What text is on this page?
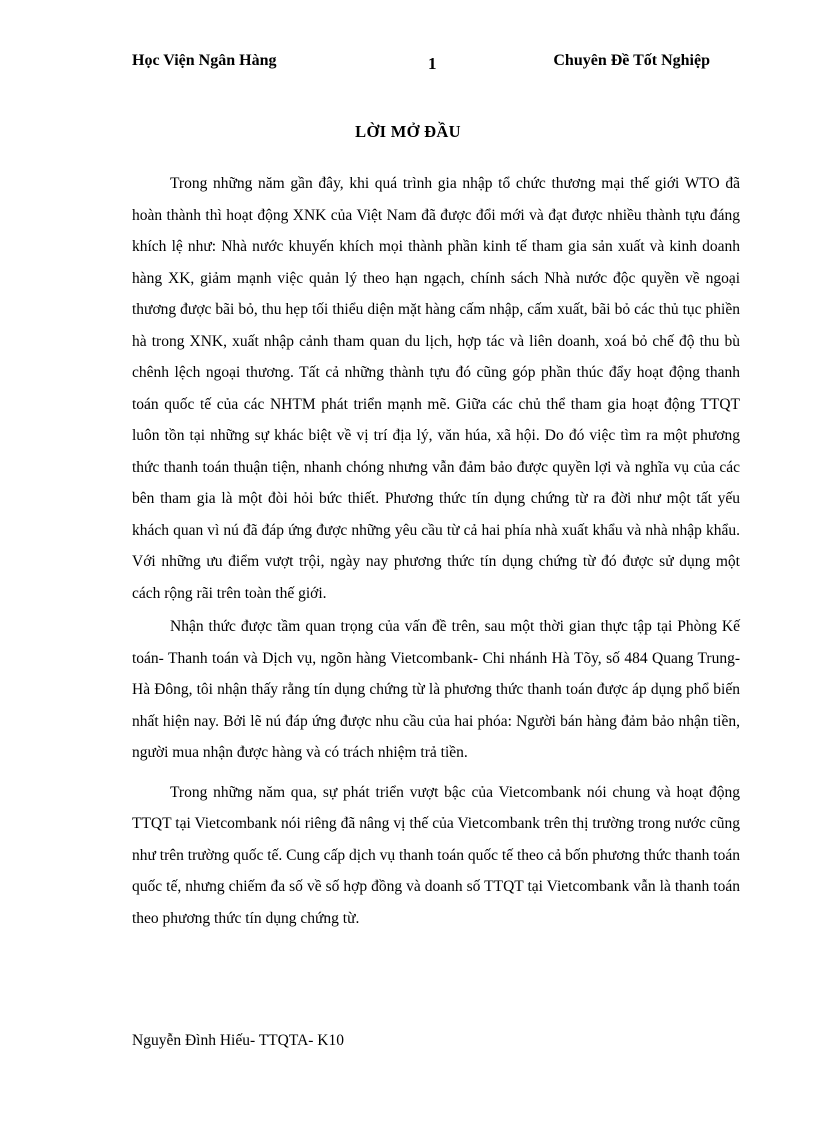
Học Viện Ngân Hàng	1	Chuyên Đề Tốt Nghiệp
LỜI MỞ ĐẦU

Trong những năm gần đây, khi quá trình gia nhập tổ chức thương mại thế giới WTO đã hoàn thành thì hoạt động XNK của Việt Nam đã được đổi mới và đạt được nhiều thành tựu đáng khích lệ như: Nhà nước khuyến khích mọi thành phần kinh tế tham gia sản xuất và kinh doanh hàng XK, giảm mạnh việc quản lý theo hạn ngạch, chính sách Nhà nước độc quyền về ngoại thương được bãi bỏ, thu hẹp tối thiểu diện mặt hàng cấm nhập, cấm xuất, bãi bỏ các thủ tục phiền hà trong XNK, xuất nhập cảnh tham quan du lịch, hợp tác và liên doanh, xoá bỏ chế độ thu bù chênh lệch ngoại thương. Tất cả những thành tựu đó cũng góp phần thúc đẩy hoạt động thanh toán quốc tế của các NHTM phát triển mạnh mẽ. Giữa các chủ thể tham gia hoạt động TTQT luôn tồn tại những sự khác biệt về vị trí địa lý, văn húa, xã hội. Do đó việc tìm ra một phương thức thanh toán thuận tiện, nhanh chóng nhưng vẫn đảm bảo được quyền lợi và nghĩa vụ của các bên tham gia là một đòi hỏi bức thiết. Phương thức tín dụng chứng từ ra đời như một tất yếu khách quan vì nú đã đáp ứng được những yêu cầu từ cả hai phía nhà xuất khẩu và nhà nhập khẩu. Với những ưu điểm vượt trội, ngày nay phương thức tín dụng chứng từ đó được sử dụng một cách rộng rãi trên toàn thế giới.

Nhận thức được tầm quan trọng của vấn đề trên, sau một thời gian thực tập tại Phòng Kế toán- Thanh toán và Dịch vụ, ngõn hàng Vietcombank- Chi nhánh Hà Tõy, số 484 Quang Trung- Hà Đông, tôi nhận thấy rằng tín dụng chứng từ là phương thức thanh toán được áp dụng phổ biến nhất hiện nay. Bởi lẽ nú đáp ứng được nhu cầu của hai phóa: Người bán hàng đảm bảo nhận tiền, người mua nhận được hàng và có trách nhiệm trả tiền.

Trong những năm qua, sự phát triển vượt bậc của Vietcombank nói chung và hoạt động TTQT tại Vietcombank nói riêng đã nâng vị thế của Vietcombank trên thị trường trong nước cũng như trên trường quốc tế. Cung cấp dịch vụ thanh toán quốc tế theo cả bốn phương thức thanh toán quốc tế, nhưng chiếm đa số về số hợp đồng và doanh số TTQT tại Vietcombank vẫn là thanh toán theo phương thức tín dụng chứng từ.

Nguyễn Đình Hiếu- TTQTA- K10
